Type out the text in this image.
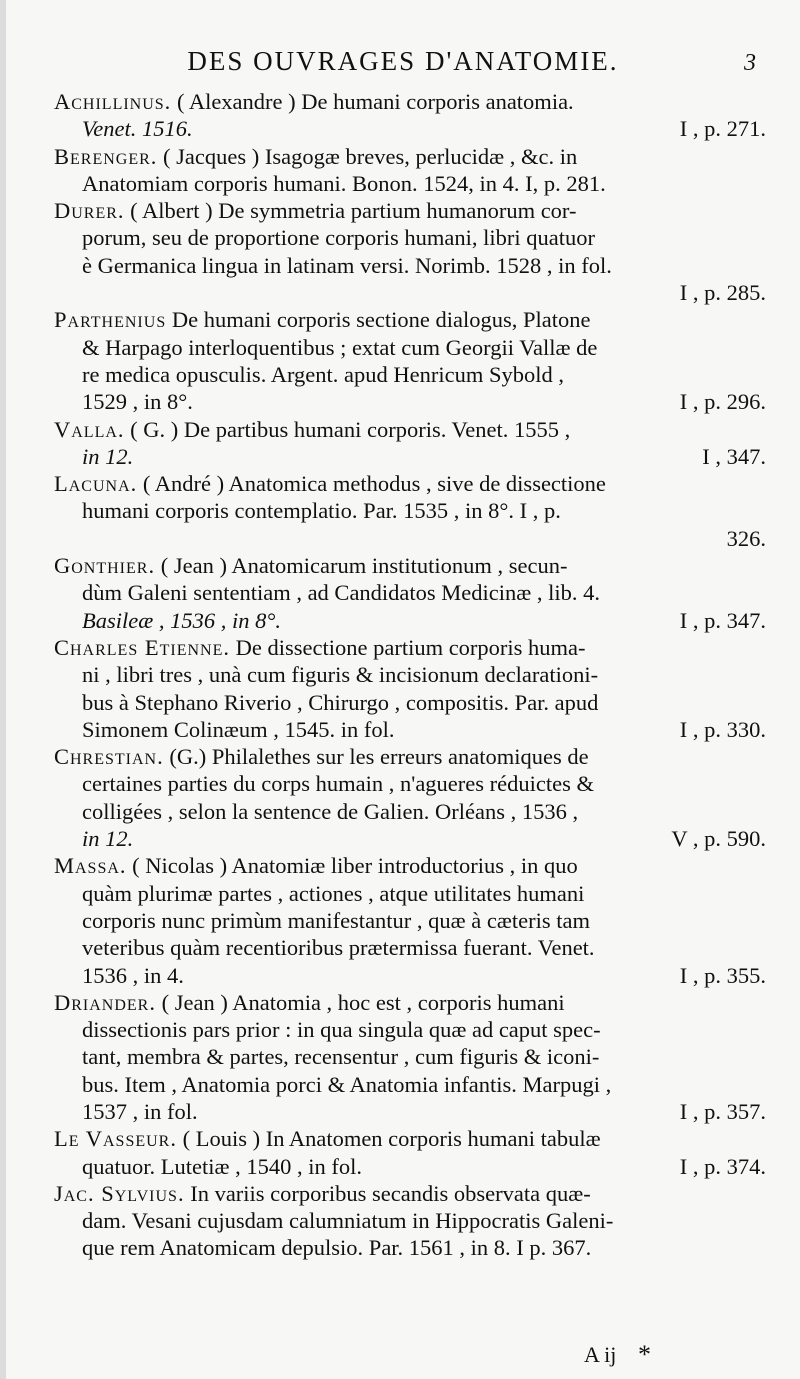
DES OUVRAGES D'ANATOMIE.	3
Achillinus. ( Alexandre ) De humani corporis anatomia.
Venet. 1516.	I , p. 271.
Berenger. ( Jacques ) Isagogæ breves, perlucidæ , &c. in
Anatomiam corporis humani. Bonon. 1524, in 4. I, p. 281.
Durer. ( Albert ) De symmetria partium humanorum cor-
porum, seu de proportione corporis humani, libri quatuor
è Germanica lingua in latinam versi. Norimb. 1528 , in fol.
I , p. 285.

Parthenius De humani corporis sectione dialogus, Platone
& Harpago interloquentibus ; extat cum Georgii Vallæ de
re medica opusculis. Argent. apud Henricum Sybold ,
1529 , in 8°.	I , p. 296.
Valla. ( G. ) De partibus humani corporis. Venet. 1555 ,
in 12.	I , 347.
Lacuna. ( André ) Anatomica methodus , sive de dissectione
humani corporis contemplatio. Par. 1535 , in 8°. I , p.
326.

Gonthier. ( Jean ) Anatomicarum institutionum , secun-
dùm Galeni sententiam , ad Candidatos Medicinæ , lib. 4.
Basileæ , 1536 , in 8°.	I , p. 347.
Charles Etienne. De dissectione partium corporis huma-
ni , libri tres , unà cum figuris & incisionum declarationi-
bus à Stephano Riverio , Chirurgo , compositis. Par. apud
Simonem Colinæum , 1545. in fol.	I , p. 330.
Chrestian. (G.) Philalethes sur les erreurs anatomiques de
certaines parties du corps humain , n'agueres réduictes &
colligées , selon la sentence de Galien. Orléans , 1536 ,
in 12.	V , p. 590.
Massa. ( Nicolas ) Anatomiæ liber introductorius , in quo
quàm plurimæ partes , actiones , atque utilitates humani
corporis nunc primùm manifestantur , quæ à cæteris tam
veteribus quàm recentioribus prætermissa fuerant. Venet.
1536 , in 4.	I , p. 355.
Driander. ( Jean ) Anatomia , hoc est , corporis humani
dissectionis pars prior : in qua singula quæ ad caput spec-
tant, membra & partes, recensentur , cum figuris & iconi-
bus. Item , Anatomia porci & Anatomia infantis. Marpugi ,
1537 , in fol.	I , p. 357.
Le Vasseur. ( Louis ) In Anatomen corporis humani tabulæ
quatuor. Lutetiæ , 1540 , in fol.	I , p. 374.
Jac. Sylvius. In variis corporibus secandis observata quæ-
dam. Vesani cujusdam calumniatum in Hippocratis Galeni-
que rem Anatomicam depulsio. Par. 1561 , in 8. I p. 367.
A ij *
